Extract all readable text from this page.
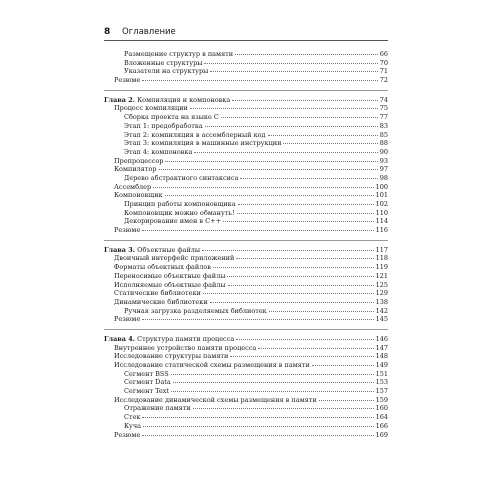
8 Оглавление
Размещение структур в памяти	66
Вложенные структуры	70
Указатели на структуры	71
Резюме	72
Глава 2. Компиляция и компоновка	74
Процесс компиляции	75
Сборка проекта на языке C	77
Этап 1: предобработка	83
Этап 2: компиляция в ассемблерный код	85
Этап 3: компиляция в машинные инструкции	88
Этап 4: компоновка	90
Препроцессор	93
Компилятор	97
Дерево абстрактного синтаксиса	98
Ассемблер	100
Компоновщик	101
Принцип работы компоновщика	102
Компоновщик можно обмануть!	110
Декорирование имен в C++	114
Резюме	116
Глава 3. Объектные файлы	117
Двоичный интерфейс приложений	118
Форматы объектных файлов	119
Переносимые объектные файлы	121
Исполняемые объектные файлы	125
Статические библиотеки	129
Динамические библиотеки	138
Ручная загрузка разделяемых библиотек	142
Резюме	145
Глава 4. Структура памяти процесса	146
Внутреннее устройство памяти процесса	147
Исследование структуры памяти	148
Исследование статической схемы размещения в памяти	149
Сегмент BSS	151
Сегмент Data	153
Сегмент Text	157
Исследование динамической схемы размещения в памяти	159
Отражение памяти	160
Стек	164
Куча	166
Резюме	169
